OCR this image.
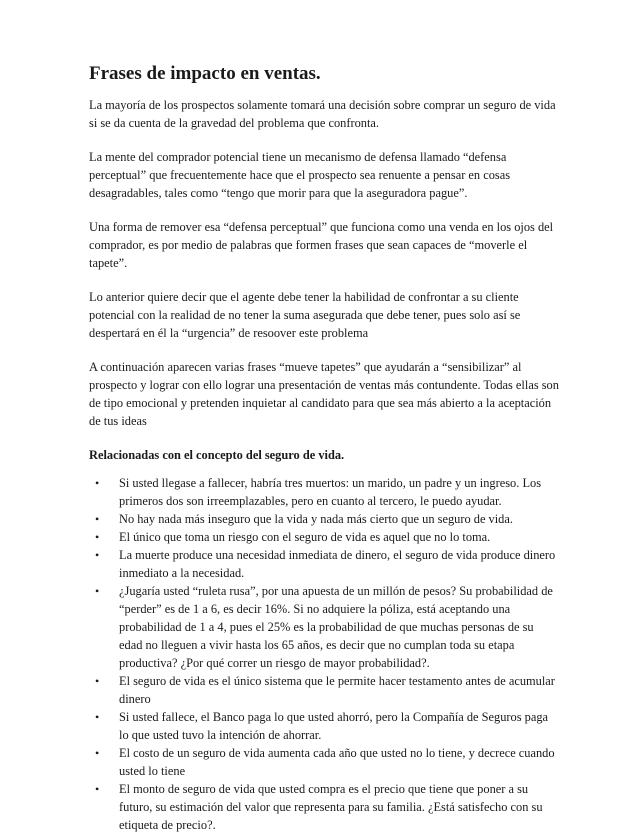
Frases de impacto en ventas.

La mayoría de los prospectos solamente tomará una decisión sobre comprar un seguro de vida si se da cuenta de la gravedad del problema que confronta.

La mente del comprador potencial tiene un mecanismo de defensa llamado “defensa perceptual” que frecuentemente hace que el prospecto sea renuente a pensar en cosas desagradables, tales como “tengo que morir para que la aseguradora pague”.

Una forma de remover esa “defensa perceptual” que funciona como una venda en los ojos del comprador, es por medio de palabras que formen frases que sean capaces de “moverle el tapete”.

Lo anterior quiere decir que el agente debe tener la habilidad de confrontar a su cliente potencial con la realidad de no tener la suma asegurada que debe tener, pues solo así se despertará en él la “urgencia” de resoover este problema

A continuación aparecen varias frases “mueve tapetes” que ayudarán a “sensibilizar” al prospecto y lograr con ello lograr una presentación de ventas más contundente. Todas ellas son de tipo emocional y pretenden inquietar al candidato para que sea más abierto a la aceptación de tus ideas

Relacionadas con el concepto del seguro de vida.
• Si usted llegase a fallecer, habría tres muertos: un marido, un padre y un ingreso. Los primeros dos son irreemplazables, pero en cuanto al tercero, le puedo ayudar.
• No hay nada más inseguro que la vida y nada más cierto que un seguro de vida.
• El único que toma un riesgo con el seguro de vida es aquel que no lo toma.
• La muerte produce una necesidad inmediata de dinero, el seguro de vida produce dinero inmediato a la necesidad.
• ¿Jugaría usted “ruleta rusa”, por una apuesta de un millón de pesos? Su probabilidad de “perder” es de 1 a 6, es decir 16%. Si no adquiere la póliza, está aceptando una probabilidad de 1 a 4, pues el 25% es la probabilidad de que muchas personas de su edad no lleguen a vivir hasta los 65 años, es decir que no cumplan toda su etapa productiva? ¿Por qué correr un riesgo de mayor probabilidad?.
• El seguro de vida es el único sistema que le permite hacer testamento antes de acumular dinero
• Si usted fallece, el Banco paga lo que usted ahorró, pero la Compañía de Seguros paga lo que usted tuvo la intención de ahorrar.
• El costo de un seguro de vida aumenta cada año que usted no lo tiene, y decrece cuando usted lo tiene
• El monto de seguro de vida que usted compra es el precio que tiene que poner a su futuro, su estimación del valor que representa para su familia. ¿Está satisfecho con su etiqueta de precio?.
